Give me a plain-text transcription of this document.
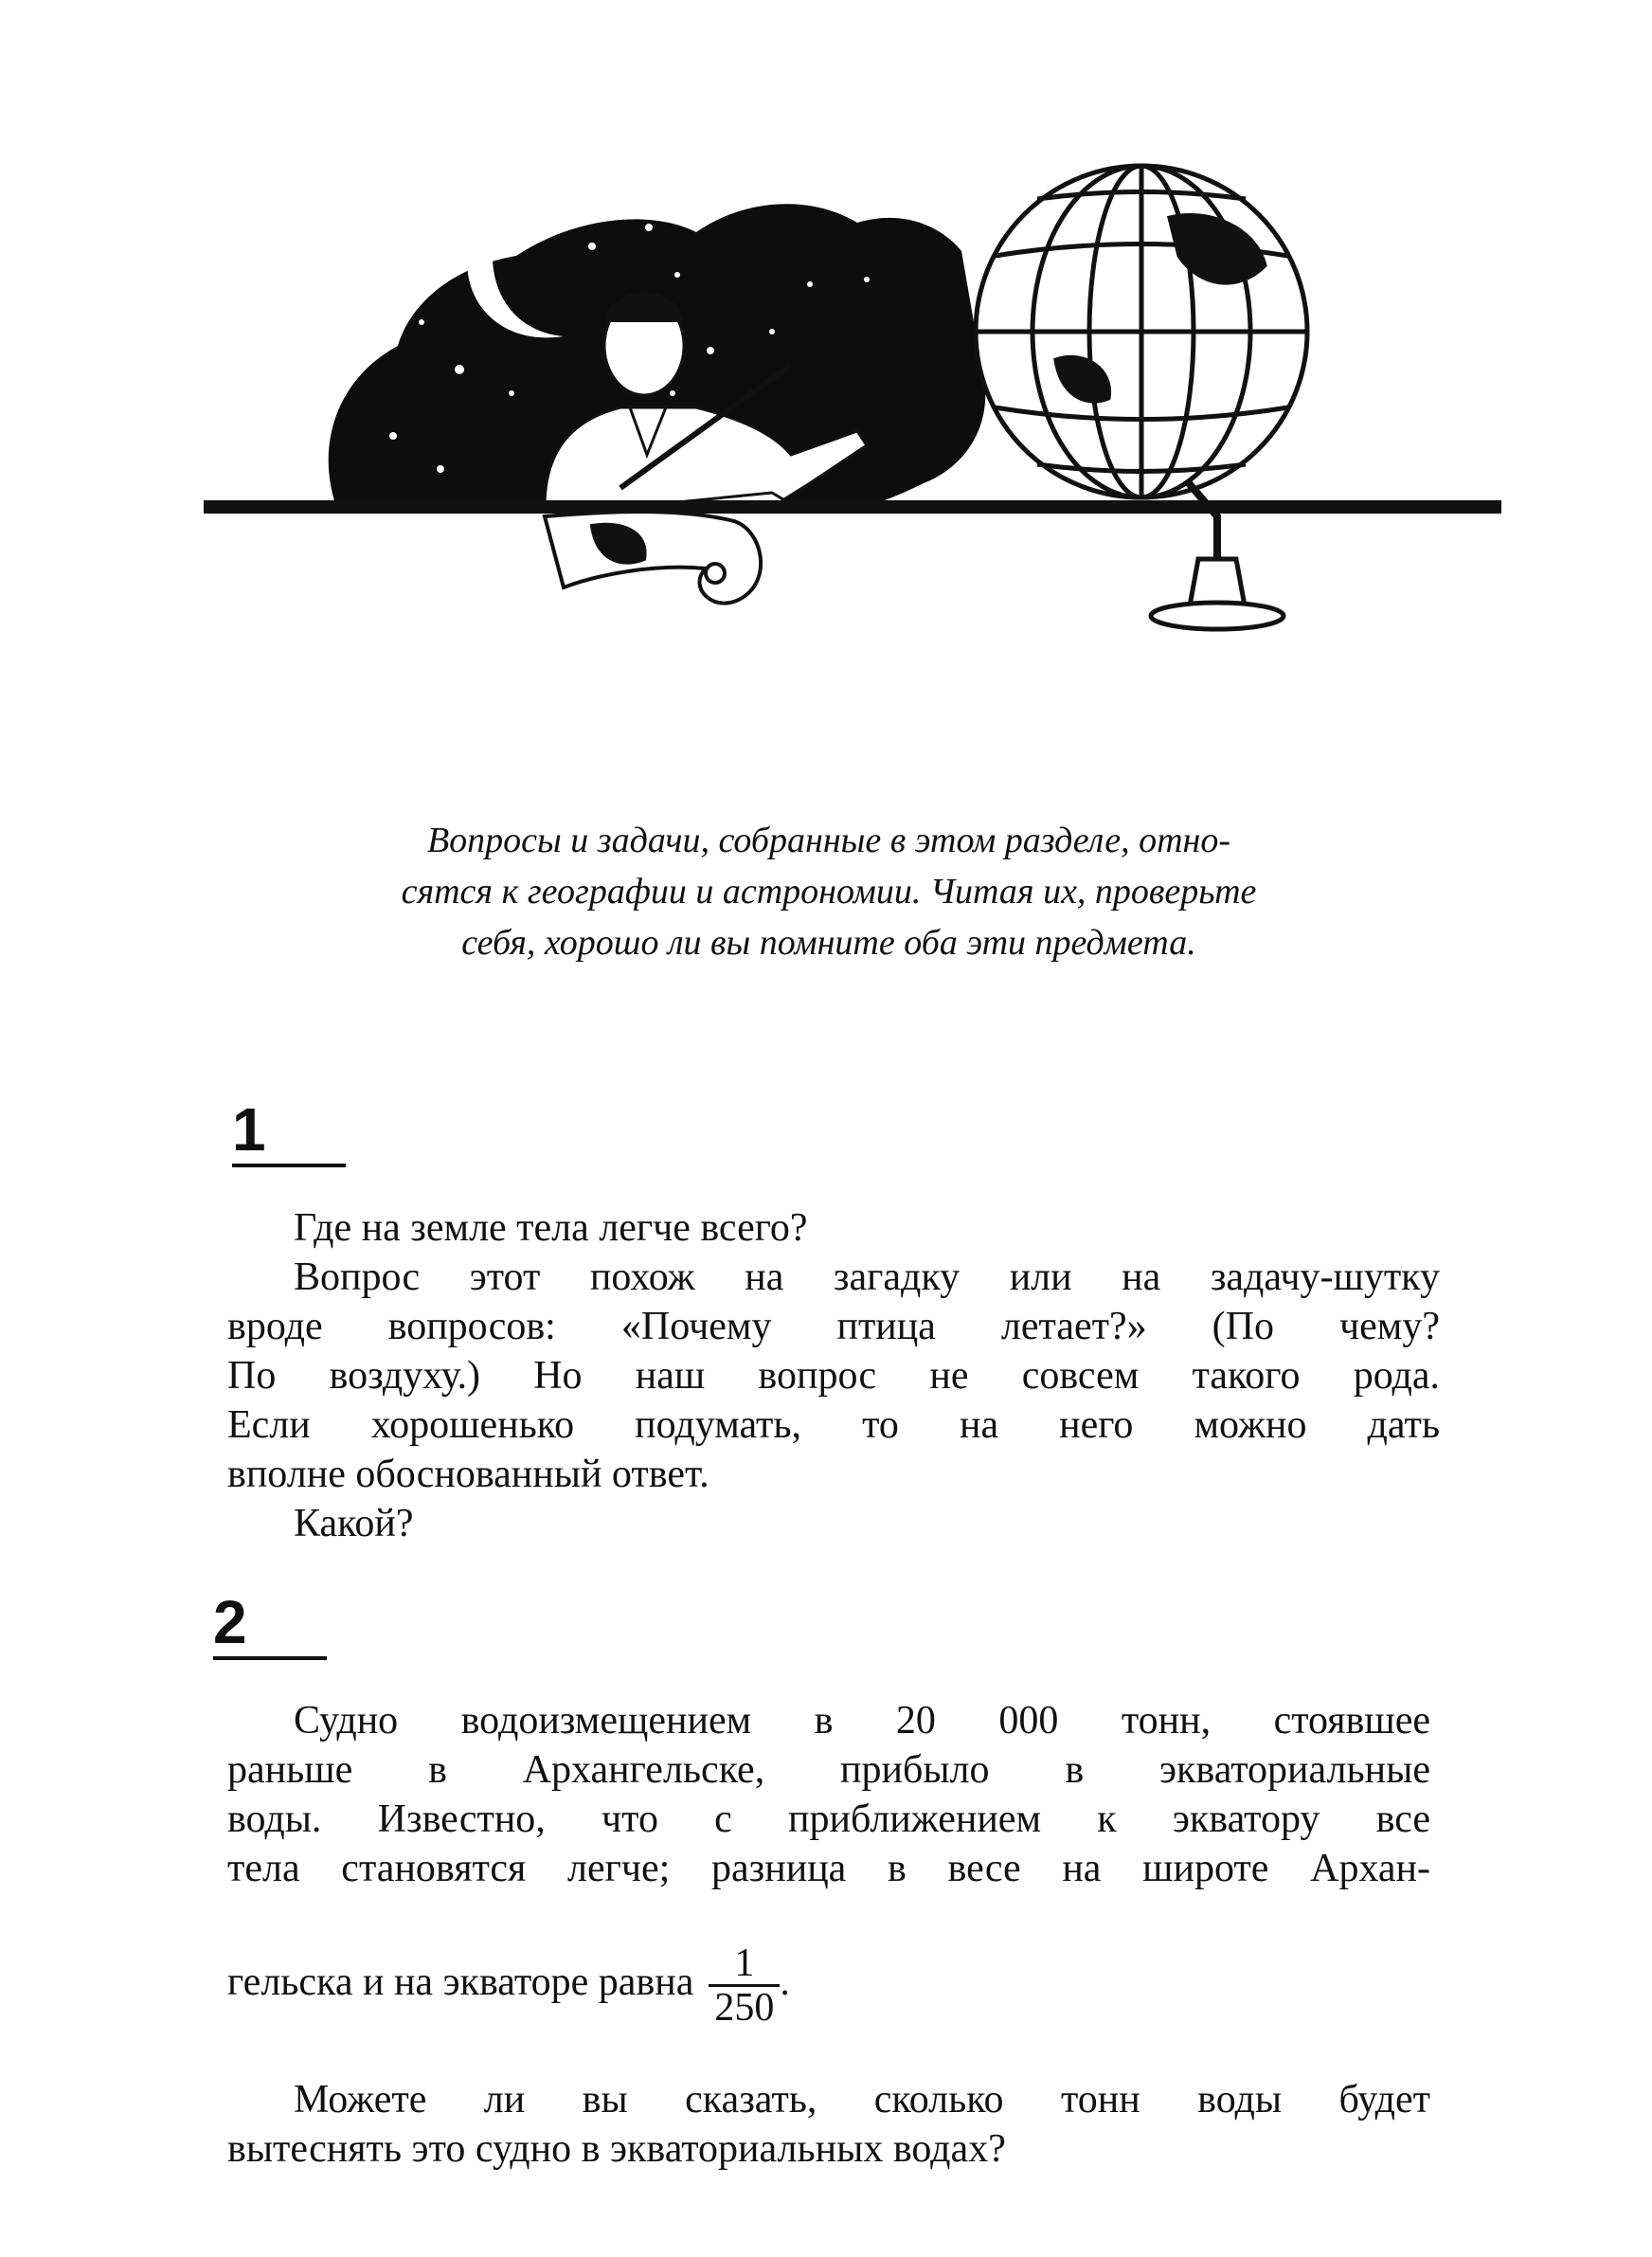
Вопросы и задачи, собранные в этом разделе, отно-

сятся к географии и астрономии. Читая их, проверьте

себя, хорошо ли вы помните оба эти предмета.

1

Где на земле тела легче всего?

Вопрос этот похож на загадку или на задачу-шутку

вроде вопросов: «Почему птица летает?» (По чему?

По воздуху.) Но наш вопрос не совсем такого рода.

Если хорошенько подумать, то на него можно дать

вполне обоснованный ответ.

Какой?

2

Судно водоизмещением в 20 000 тонн, стоявшее

раньше в Архангельске, прибыло в экваториальные

воды. Известно, что с приближением к экватору все

тела становятся легче; разница в весе на широте Архан-

гельска и на экваторе равна $\frac{1}{250}$ .

Можете ли вы сказать, сколько тонн воды будет

вытеснять это судно в экваториальных водах?
